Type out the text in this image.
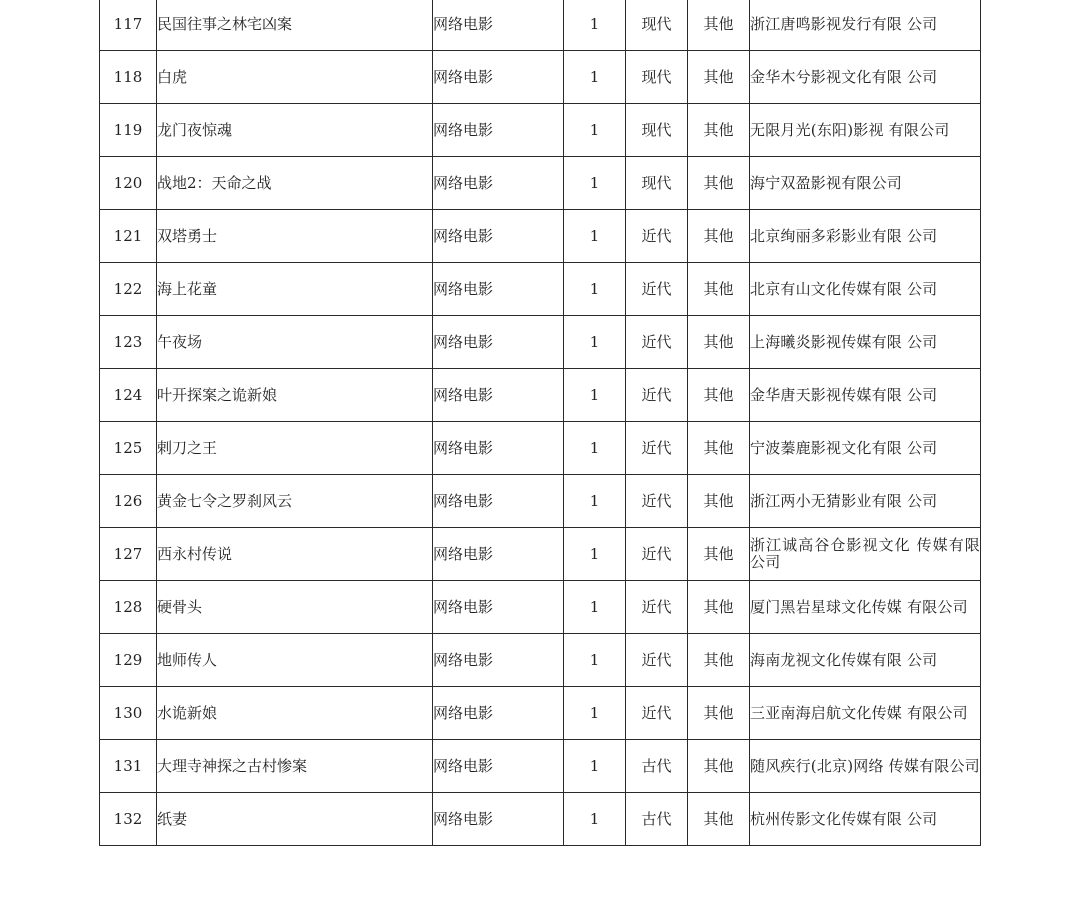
117	民国往事之林宅凶案	网络电影	1	现代	其他	浙江唐鸣影视发行有限 公司

118	白虎	网络电影	1	现代	其他	金华木兮影视文化有限 公司

119	龙门夜惊魂	网络电影	1	现代	其他	无限月光(东阳)影视 有限公司

120	战地2：天命之战	网络电影	1	现代	其他	海宁双盈影视有限公司

121	双塔勇士	网络电影	1	近代	其他	北京绚丽多彩影业有限 公司

122	海上花童	网络电影	1	近代	其他	北京有山文化传媒有限 公司

123	午夜场	网络电影	1	近代	其他	上海曦炎影视传媒有限 公司

124	叶开探案之诡新娘	网络电影	1	近代	其他	金华唐天影视传媒有限 公司

125	剌刀之王	网络电影	1	近代	其他	宁波蓁鹿影视文化有限 公司

126	黄金七令之罗刹风云	网络电影	1	近代	其他	浙江两小无猜影业有限 公司

127	西永村传说	网络电影	1	近代	其他	浙江诚高谷仓影视文化 传媒有限公司

128	硬骨头	网络电影	1	近代	其他	厦门黑岩星球文化传媒 有限公司

129	地师传人	网络电影	1	近代	其他	海南龙视文化传媒有限 公司

130	水诡新娘	网络电影	1	近代	其他	三亚南海启航文化传媒 有限公司

131	大理寺神探之古村惨案	网络电影	1	古代	其他	随风疾行(北京)网络 传媒有限公司

132	纸妻	网络电影	1	古代	其他	杭州传影文化传媒有限 公司
